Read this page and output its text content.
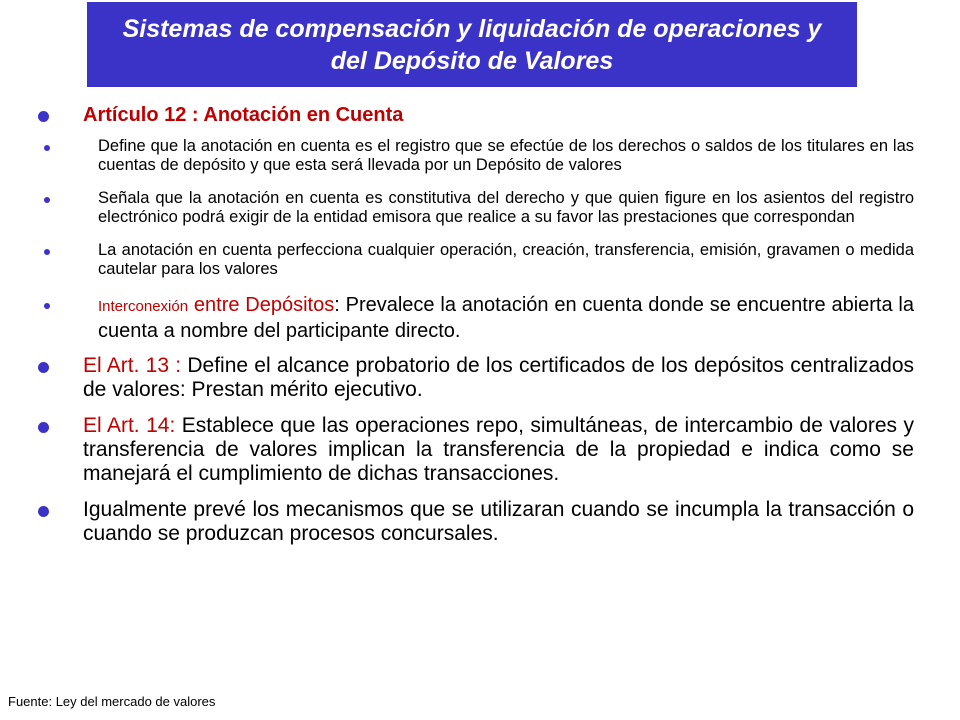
Sistemas de compensación y liquidación de operaciones y
del Depósito de Valores
Artículo 12 : Anotación en Cuenta
Define que la anotación en cuenta es el registro que se efectúe de los derechos o saldos de los titulares en las cuentas de depósito y que esta será llevada por un Depósito de valores
Señala que la anotación en cuenta es constitutiva del derecho y que quien figure en los asientos del registro electrónico podrá exigir de la entidad emisora que realice a su favor las prestaciones que correspondan
La anotación en cuenta perfecciona cualquier operación, creación, transferencia, emisión, gravamen o medida cautelar para los valores
Interconexión entre Depósitos: Prevalece la anotación en cuenta donde se encuentre abierta la cuenta a nombre del participante directo.
El Art. 13 : Define el alcance probatorio de los certificados de los depósitos centralizados de valores: Prestan mérito ejecutivo.
El Art. 14: Establece que las operaciones repo, simultáneas, de intercambio de valores y transferencia de valores implican la transferencia de la propiedad e indica como se manejará el cumplimiento de dichas transacciones.
Igualmente prevé los mecanismos que se utilizaran cuando se incumpla la transacción o cuando se produzcan procesos concursales.
Fuente: Ley del mercado de valores
